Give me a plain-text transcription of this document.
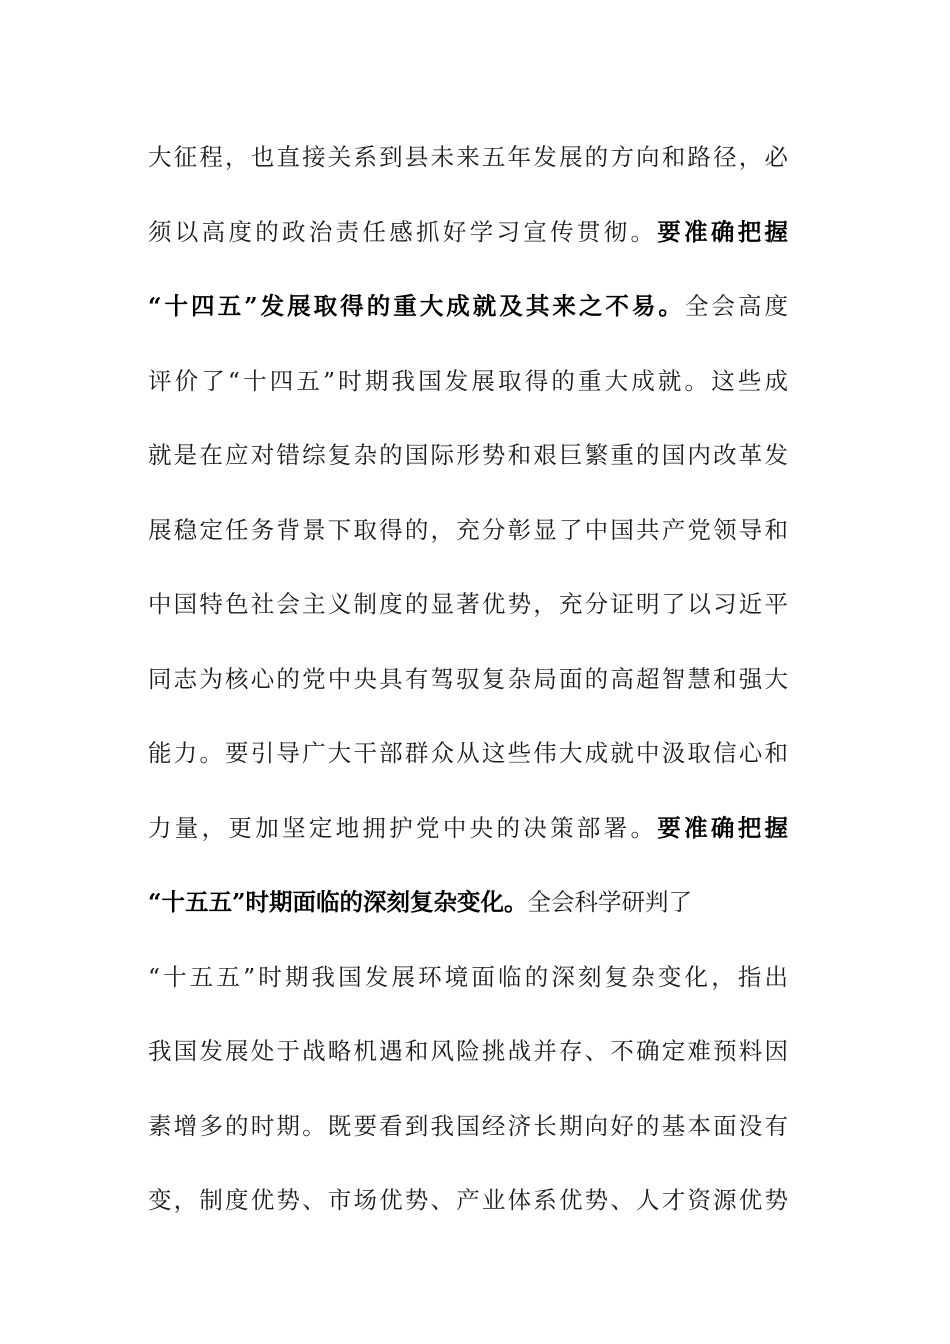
大征程，也直接关系到县未来五年发展的方向和路径，必
须以高度的政治责任感抓好学习宣传贯彻。要准确把握
“十四五”发展取得的重大成就及其来之不易。全会高度
评价了“十四五”时期我国发展取得的重大成就。这些成
就是在应对错综复杂的国际形势和艰巨繁重的国内改革发
展稳定任务背景下取得的，充分彰显了中国共产党领导和
中国特色社会主义制度的显著优势，充分证明了以习近平
同志为核心的党中央具有驾驭复杂局面的高超智慧和强大
能力。要引导广大干部群众从这些伟大成就中汲取信心和
力量，更加坚定地拥护党中央的决策部署。要准确把握
“十五五”时期面临的深刻复杂变化。全会科学研判了
“十五五”时期我国发展环境面临的深刻复杂变化，指出
我国发展处于战略机遇和风险挑战并存、不确定难预料因
素增多的时期。既要看到我国经济长期向好的基本面没有
变，制度优势、市场优势、产业体系优势、人才资源优势
